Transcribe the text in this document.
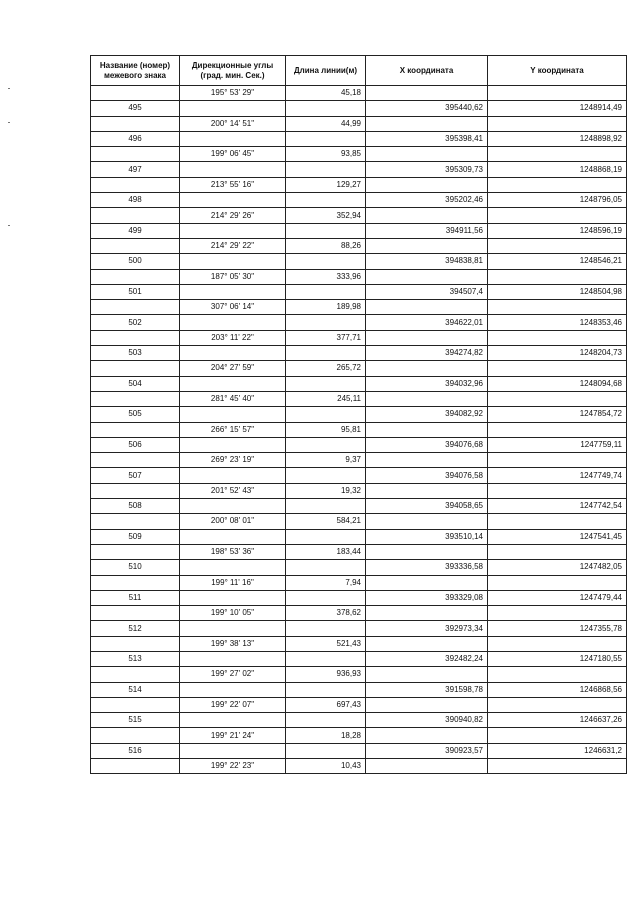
Название (номер) межевого знака	Дирекционные углы (град. мин. Сек.)	Длина линии(м)	X координата	Y координата
	195° 53' 29"	45,18		
495			395440,62	1248914,49
	200° 14' 51"	44,99		
496			395398,41	1248898,92
	199° 06' 45"	93,85		
497			395309,73	1248868,19
	213° 55' 16"	129,27		
498			395202,46	1248796,05
	214° 29' 26"	352,94		
499			394911,56	1248596,19
	214° 29' 22"	88,26		
500			394838,81	1248546,21
	187° 05' 30"	333,96		
501			394507,4	1248504,98
	307° 06' 14"	189,98		
502			394622,01	1248353,46
	203° 11' 22"	377,71		
503			394274,82	1248204,73
	204° 27' 59"	265,72		
504			394032,96	1248094,68
	281° 45' 40"	245,11		
505			394082,92	1247854,72
	266° 15' 57"	95,81		
506			394076,68	1247759,11
	269° 23' 19"	9,37		
507			394076,58	1247749,74
	201° 52' 43"	19,32		
508			394058,65	1247742,54
	200° 08' 01"	584,21		
509			393510,14	1247541,45
	198° 53' 36"	183,44		
510			393336,58	1247482,05
	199° 11' 16"	7,94		
511			393329,08	1247479,44
	199° 10' 05"	378,62		
512			392973,34	1247355,78
	199° 38' 13"	521,43		
513			392482,24	1247180,55
	199° 27' 02"	936,93		
514			391598,78	1246868,56
	199° 22' 07"	697,43		
515			390940,82	1246637,26
	199° 21' 24"	18,28		
516			390923,57	1246631,2
	199° 22' 23"	10,43		
